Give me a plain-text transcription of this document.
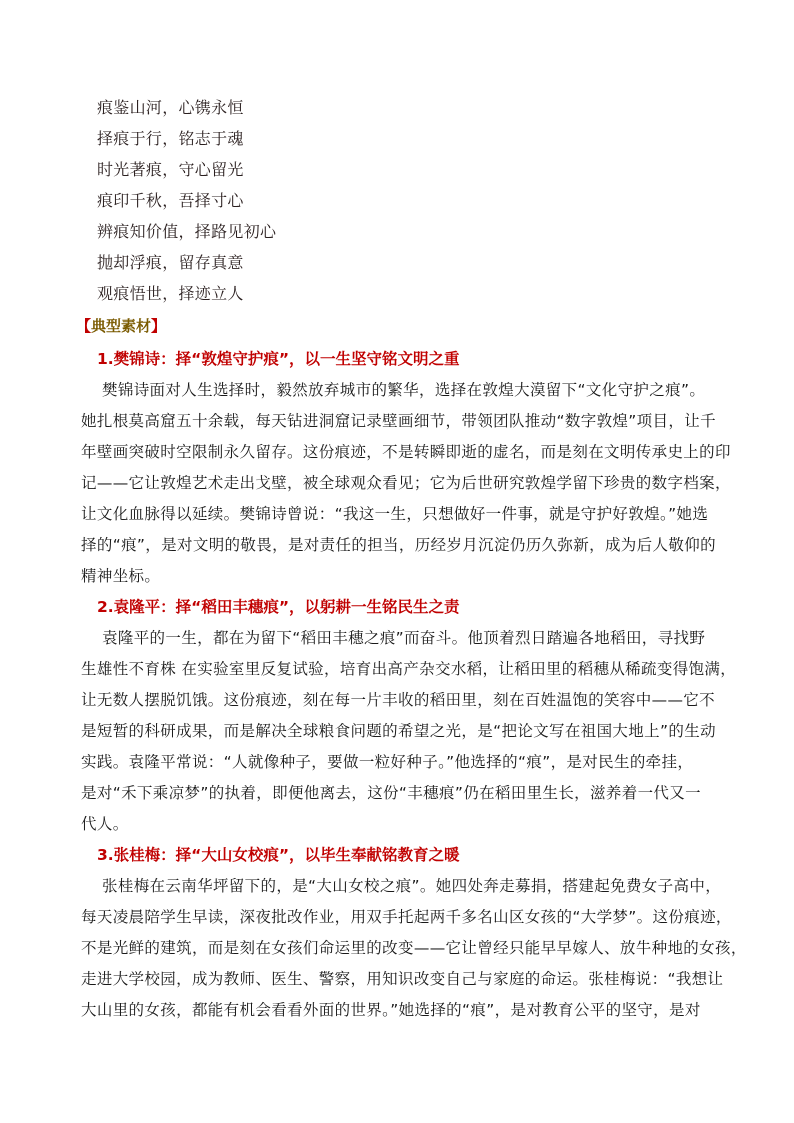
痕鉴山河，心镌永恒
择痕于行，铭志于魂
时光著痕，守心留光
痕印千秋，吾择寸心
辨痕知价值，择路见初心
抛却浮痕，留存真意
观痕悟世，择迹立人
【典型素材】
1.樊锦诗：择“敦煌守护痕”，以一生坚守铭文明之重
樊锦诗面对人生选择时，毅然放弃城市的繁华，选择在敦煌大漠留下“文化守护之痕”。
她扎根莫高窟五十余载，每天钻进洞窟记录壁画细节，带领团队推动“数字敦煌”项目，让千
年壁画突破时空限制永久留存。这份痕迹，不是转瞬即逝的虚名，而是刻在文明传承史上的印
记——它让敦煌艺术走出戈壁，被全球观众看见；它为后世研究敦煌学留下珍贵的数字档案，
让文化血脉得以延续。樊锦诗曾说：“我这一生，只想做好一件事，就是守护好敦煌。”她选
择的“痕”，是对文明的敬畏，是对责任的担当，历经岁月沉淀仍历久弥新，成为后人敬仰的
精神坐标。
2.袁隆平：择“稻田丰穗痕”，以躬耕一生铭民生之责
袁隆平的一生，都在为留下“稻田丰穗之痕”而奋斗。他顶着烈日踏遍各地稻田，寻找野
生雄性不育株 在实验室里反复试验，培育出高产杂交水稻，让稻田里的稻穗从稀疏变得饱满，
让无数人摆脱饥饿。这份痕迹，刻在每一片丰收的稻田里，刻在百姓温饱的笑容中——它不
是短暂的科研成果，而是解决全球粮食问题的希望之光，是“把论文写在祖国大地上”的生动
实践。袁隆平常说：“人就像种子，要做一粒好种子。”他选择的“痕”，是对民生的牵挂，
是对“禾下乘凉梦”的执着，即便他离去，这份“丰穗痕”仍在稻田里生长，滋养着一代又一
代人。
3.张桂梅：择“大山女校痕”，以毕生奉献铭教育之暖
张桂梅在云南华坪留下的，是“大山女校之痕”。她四处奔走募捐，搭建起免费女子高中，
每天凌晨陪学生早读，深夜批改作业，用双手托起两千多名山区女孩的“大学梦”。这份痕迹，
不是光鲜的建筑，而是刻在女孩们命运里的改变——它让曾经只能早早嫁人、放牛种地的女孩，
走进大学校园，成为教师、医生、警察，用知识改变自己与家庭的命运。张桂梅说：“我想让
大山里的女孩，都能有机会看看外面的世界。”她选择的“痕”，是对教育公平的坚守，是对
